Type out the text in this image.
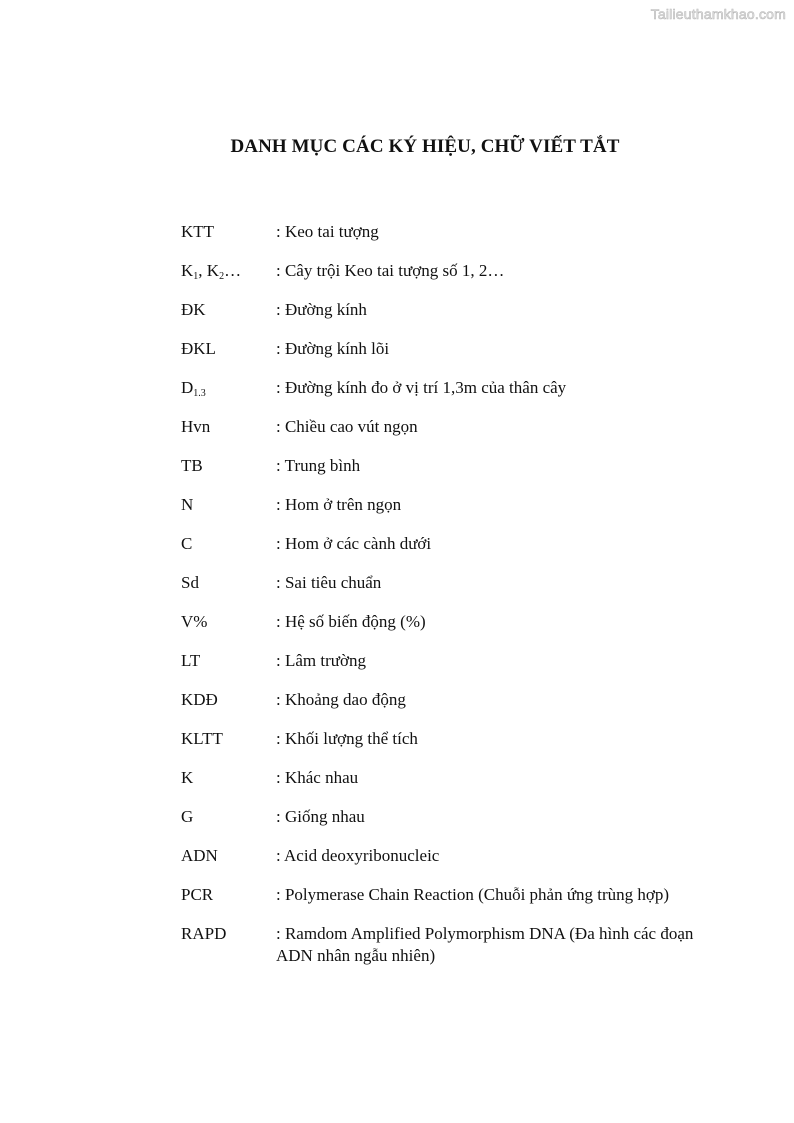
Tailieuthamkhao.com
DANH MỤC CÁC KÝ HIỆU, CHỮ VIẾT TẮT
KTT	: Keo tai tượng
$K_1$, $K_2\dots$	: Cây trội Keo tai tượng số 1, 2…
ĐK	: Đường kính
ĐKL	: Đường kính lõi
$D_{1.3}$	: Đường kính đo ở vị trí 1,3m của thân cây
Hvn	: Chiều cao vút ngọn
TB	: Trung bình
N	: Hom ở trên ngọn
C	: Hom ở các cành dưới
Sd	: Sai tiêu chuẩn
V%	: Hệ số biến động (%)
LT	: Lâm trường
KDĐ	: Khoảng dao động
KLTT	: Khối lượng thể tích
K	: Khác nhau
G	: Giống nhau
ADN	: Acid deoxyribonucleic
PCR	: Polymerase Chain Reaction (Chuỗi phản ứng trùng hợp)
RAPD	: Ramdom Amplified Polymorphism DNA (Đa hình các đoạn ADN nhân ngẫu nhiên)
